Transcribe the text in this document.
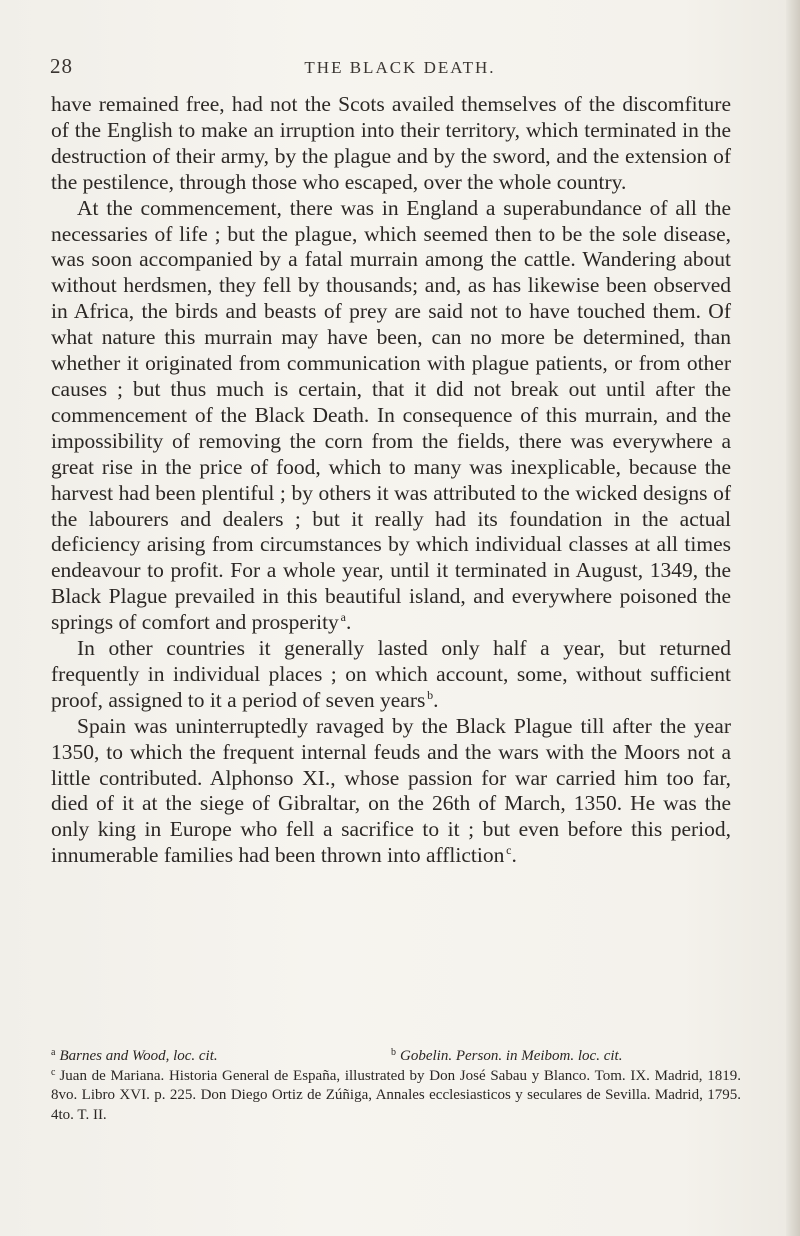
28	THE BLACK DEATH.

have remained free, had not the Scots availed themselves of the discomfiture of the English to make an irruption into their territory, which terminated in the destruction of their army, by the plague and by the sword, and the extension of the pestilence, through those who escaped, over the whole country.

At the commencement, there was in England a superabundance of all the necessaries of life ; but the plague, which seemed then to be the sole disease, was soon accompanied by a fatal murrain among the cattle. Wandering about without herdsmen, they fell by thousands; and, as has likewise been observed in Africa, the birds and beasts of prey are said not to have touched them. Of what nature this murrain may have been, can no more be determined, than whether it originated from communication with plague patients, or from other causes ; but thus much is certain, that it did not break out until after the commencement of the Black Death. In consequence of this murrain, and the impossibility of removing the corn from the fields, there was everywhere a great rise in the price of food, which to many was inexplicable, because the harvest had been plentiful ; by others it was attributed to the wicked designs of the labourers and dealers ; but it really had its foundation in the actual deficiency arising from circumstances by which individual classes at all times endeavour to profit. For a whole year, until it terminated in August, 1349, the Black Plague prevailed in this beautiful island, and everywhere poisoned the springs of comfort and prosperity  $^a$.

In other countries it generally lasted only half a year, but returned frequently in individual places ; on which account, some, without sufficient proof, assigned to it a period of seven years  $^b$.

Spain was uninterruptedly ravaged by the Black Plague till after the year 1350, to which the frequent internal feuds and the wars with the Moors not a little contributed. Alphonso XI., whose passion for war carried him too far, died of it at the siege of Gibraltar, on the 26th of March, 1350. He was the only king in Europe who fell a sacrifice to it ; but even before this period, innumerable families had been thrown into affliction  $^c$.

$^a$ Barnes and Wood, loc. cit.	$^b$ Gobelin. Person. in Meibom. loc. cit.

$^c$ Juan de Mariana. Historia General de España, illustrated by Don José Sabau y Blanco. Tom. IX. Madrid, 1819. 8vo. Libro XVI. p. 225. Don Diego Ortiz de Zúñiga, Annales ecclesiasticos y seculares de Sevilla. Madrid, 1795. 4to. T. II.
